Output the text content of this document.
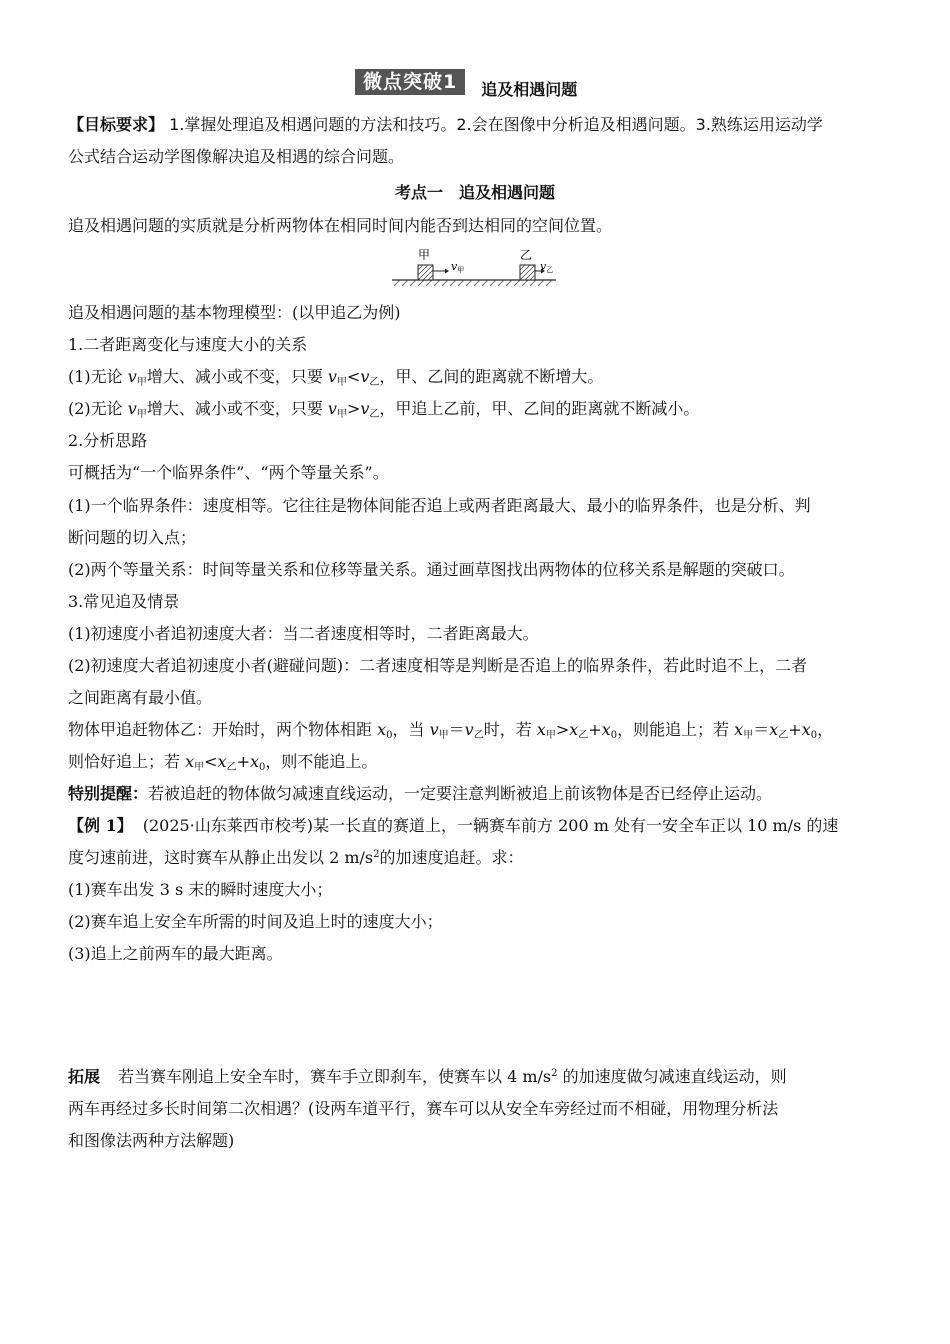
微点突破1	追及相遇问题
【目标要求】 1.掌握处理追及相遇问题的方法和技巧。2.会在图像中分析追及相遇问题。3.熟练运用运动学
公式结合运动学图像解决追及相遇的综合问题。
考点一　追及相遇问题
追及相遇问题的实质就是分析两物体在相同时间内能否到达相同的空间位置。
甲
v甲
乙
v乙
追及相遇问题的基本物理模型：(以甲追乙为例)
1.二者距离变化与速度大小的关系
(1)无论 $v_甲$增大、减小或不变，只要 $v_甲<v_乙$，甲、乙间的距离就不断增大。
(2)无论 $v_甲$增大、减小或不变，只要 $v_甲>v_乙$，甲追上乙前，甲、乙间的距离就不断减小。
2.分析思路
可概括为“一个临界条件”、“两个等量关系”。
(1)一个临界条件：速度相等。它往往是物体间能否追上或两者距离最大、最小的临界条件，也是分析、判
断问题的切入点；
(2)两个等量关系：时间等量关系和位移等量关系。通过画草图找出两物体的位移关系是解题的突破口。
3.常见追及情景
(1)初速度小者追初速度大者：当二者速度相等时，二者距离最大。
(2)初速度大者追初速度小者(避碰问题)：二者速度相等是判断是否追上的临界条件，若此时追不上，二者
之间距离有最小值。
物体甲追赶物体乙：开始时，两个物体相距 $x_0$，当 $v_甲=v_乙$时，若 $x_甲>x_乙+x_0$，则能追上；若 $x_甲=x_乙+x_0$，
则恰好追上；若 $x_甲<x_乙+x_0$，则不能追上。
特别提醒：若被追赶的物体做匀减速直线运动，一定要注意判断被追上前该物体是否已经停止运动。
【例 1】 (2025·山东莱西市校考)某一长直的赛道上，一辆赛车前方 200 m 处有一安全车正以 10 m/s 的速
度匀速前进，这时赛车从静止出发以 2 $m/s^2$的加速度追赶。求：
(1)赛车出发 3 s 末的瞬时速度大小；
(2)赛车追上安全车所需的时间及追上时的速度大小；
(3)追上之前两车的最大距离。
拓展 若当赛车刚追上安全车时，赛车手立即刹车，使赛车以 4 $m/s^2$ 的加速度做匀减速直线运动，则
两车再经过多长时间第二次相遇？(设两车道平行，赛车可以从安全车旁经过而不相碰，用物理分析法
和图像法两种方法解题)
